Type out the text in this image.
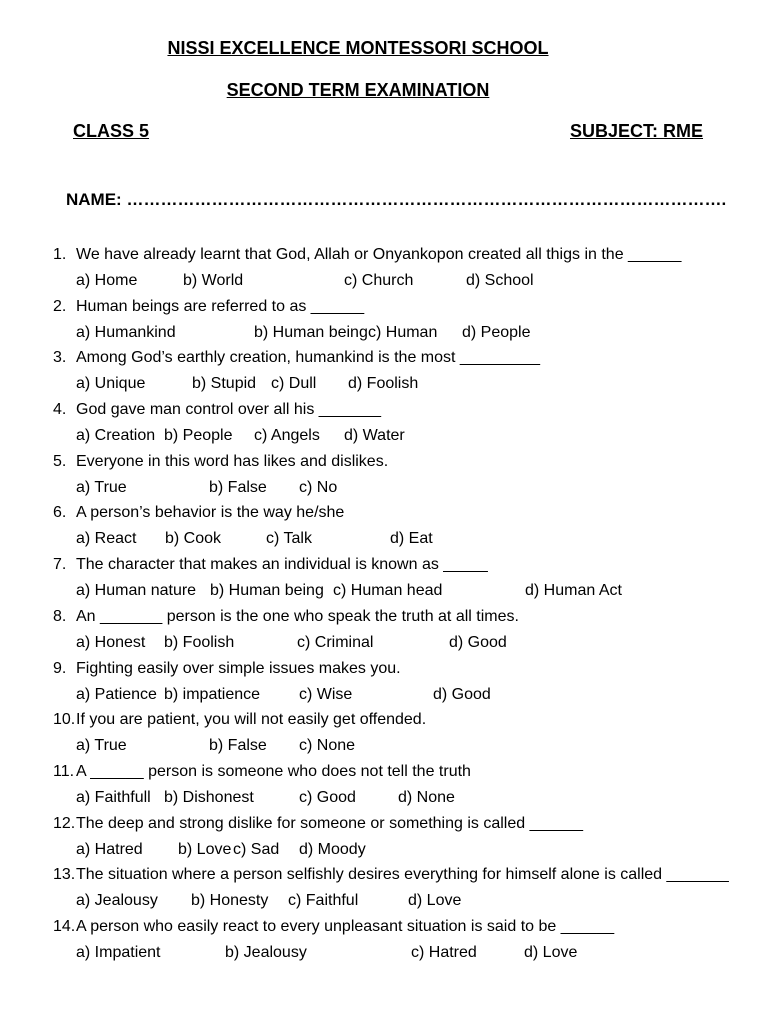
NISSI EXCELLENCE MONTESSORI SCHOOL
SECOND TERM EXAMINATION
CLASS 5	SUBJECT: RME
NAME: …………………………………………………………………………………………….
1. We have already learnt that God, Allah or Onyankopon created all thigs in the ______
a) Home	b) World	c) Church	d) School
2. Human beings are referred to as ______
a) Humankind	b) Human being c) Human d) People
3. Among God’s earthly creation, humankind is the most _________
a) Unique	b) Stupid c) Dull d) Foolish
4. God gave man control over all his _______
a) Creation b) People c) Angels d) Water
5. Everyone in this word has likes and dislikes.
a) True	b) False c) No
6. A person’s behavior is the way he/she
a) React b) Cook	c) Talk	d) Eat
7. The character that makes an individual is known as _____
a) Human nature b) Human being c) Human head	d) Human Act
8. An _______ person is the one who speak the truth at all times.
a) Honest b) Foolish	c) Criminal	d) Good
9. Fighting easily over simple issues makes you.
a) Patience b) impatience c) Wise	d) Good
10. If you are patient, you will not easily get offended.
a) True	b) False c) None
11. A ______ person is someone who does not tell the truth
a) Faithfull b) Dishonest	c) Good	d) None
12. The deep and strong dislike for someone or something is called ______
a) Hatred b) Love c) Sad d) Moody
13. The situation where a person selfishly desires everything for himself alone is called _______
a) Jealousy b) Honesty c) Faithful	d) Love
14. A person who easily react to every unpleasant situation is said to be ______
a) Impatient	b) Jealousy	c) Hatred	d) Love
